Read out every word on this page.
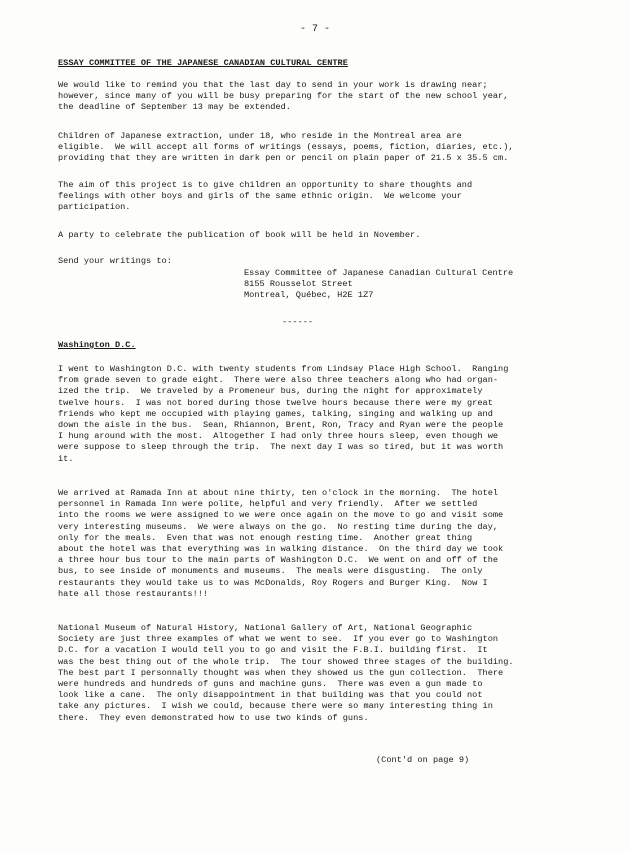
- 7 -
ESSAY COMMITTEE OF THE JAPANESE CANADIAN CULTURAL CENTRE
We would like to remind you that the last day to send in your work is drawing near;
however, since many of you will be busy preparing for the start of the new school year,
the deadline of September 13 may be extended.
Children of Japanese extraction, under 18, who reside in the Montreal area are
eligible.  We will accept all forms of writings (essays, poems, fiction, diaries, etc.),
providing that they are written in dark pen or pencil on plain paper of 21.5 x 35.5 cm.
The aim of this project is to give children an opportunity to share thoughts and
feelings with other boys and girls of the same ethnic origin.  We welcome your
participation.
A party to celebrate the publication of book will be held in November.
Send your writings to:
Essay Committee of Japanese Canadian Cultural Centre
8155 Rousselot Street
Montreal, Québec, H2E 1Z7
------
Washington D.C.
I went to Washington D.C. with twenty students from Lindsay Place High School.  Ranging
from grade seven to grade eight.  There were also three teachers along who had organ-
ized the trip.  We traveled by a Promeneur bus, during the night for approximately
twelve hours.  I was not bored during those twelve hours because there were my great
friends who kept me occupied with playing games, talking, singing and walking up and
down the aisle in the bus.  Sean, Rhiannon, Brent, Ron, Tracy and Ryan were the people
I hung around with the most.  Altogether I had only three hours sleep, even though we
were suppose to sleep through the trip.  The next day I was so tired, but it was worth
it.
We arrived at Ramada Inn at about nine thirty, ten o'clock in the morning.  The hotel
personnel in Ramada Inn were polite, helpful and very friendly.  After we settled
into the rooms we were assigned to we were once again on the move to go and visit some
very interesting museums.  We were always on the go.  No resting time during the day,
only for the meals.  Even that was not enough resting time.  Another great thing
about the hotel was that everything was in walking distance.  On the third day we took
a three hour bus tour to the main parts of Washington D.C.  We went on and off of the
bus, to see inside of monuments and museums.  The meals were disgusting.  The only
restaurants they would take us to was McDonalds, Roy Rogers and Burger King.  Now I
hate all those restaurants!!!
National Museum of Natural History, National Gallery of Art, National Geographic
Society are just three examples of what we went to see.  If you ever go to Washington
D.C. for a vacation I would tell you to go and visit the F.B.I. building first.  It
was the best thing out of the whole trip.  The tour showed three stages of the building.
The best part I personnally thought was when they showed us the gun collection.  There
were hundreds and hundreds of guns and machine guns.  There was even a gun made to
look like a cane.  The only disappointment in that building was that you could not
take any pictures.  I wish we could, because there were so many interesting thing in
there.  They even demonstrated how to use two kinds of guns.
(Cont'd on page 9)
